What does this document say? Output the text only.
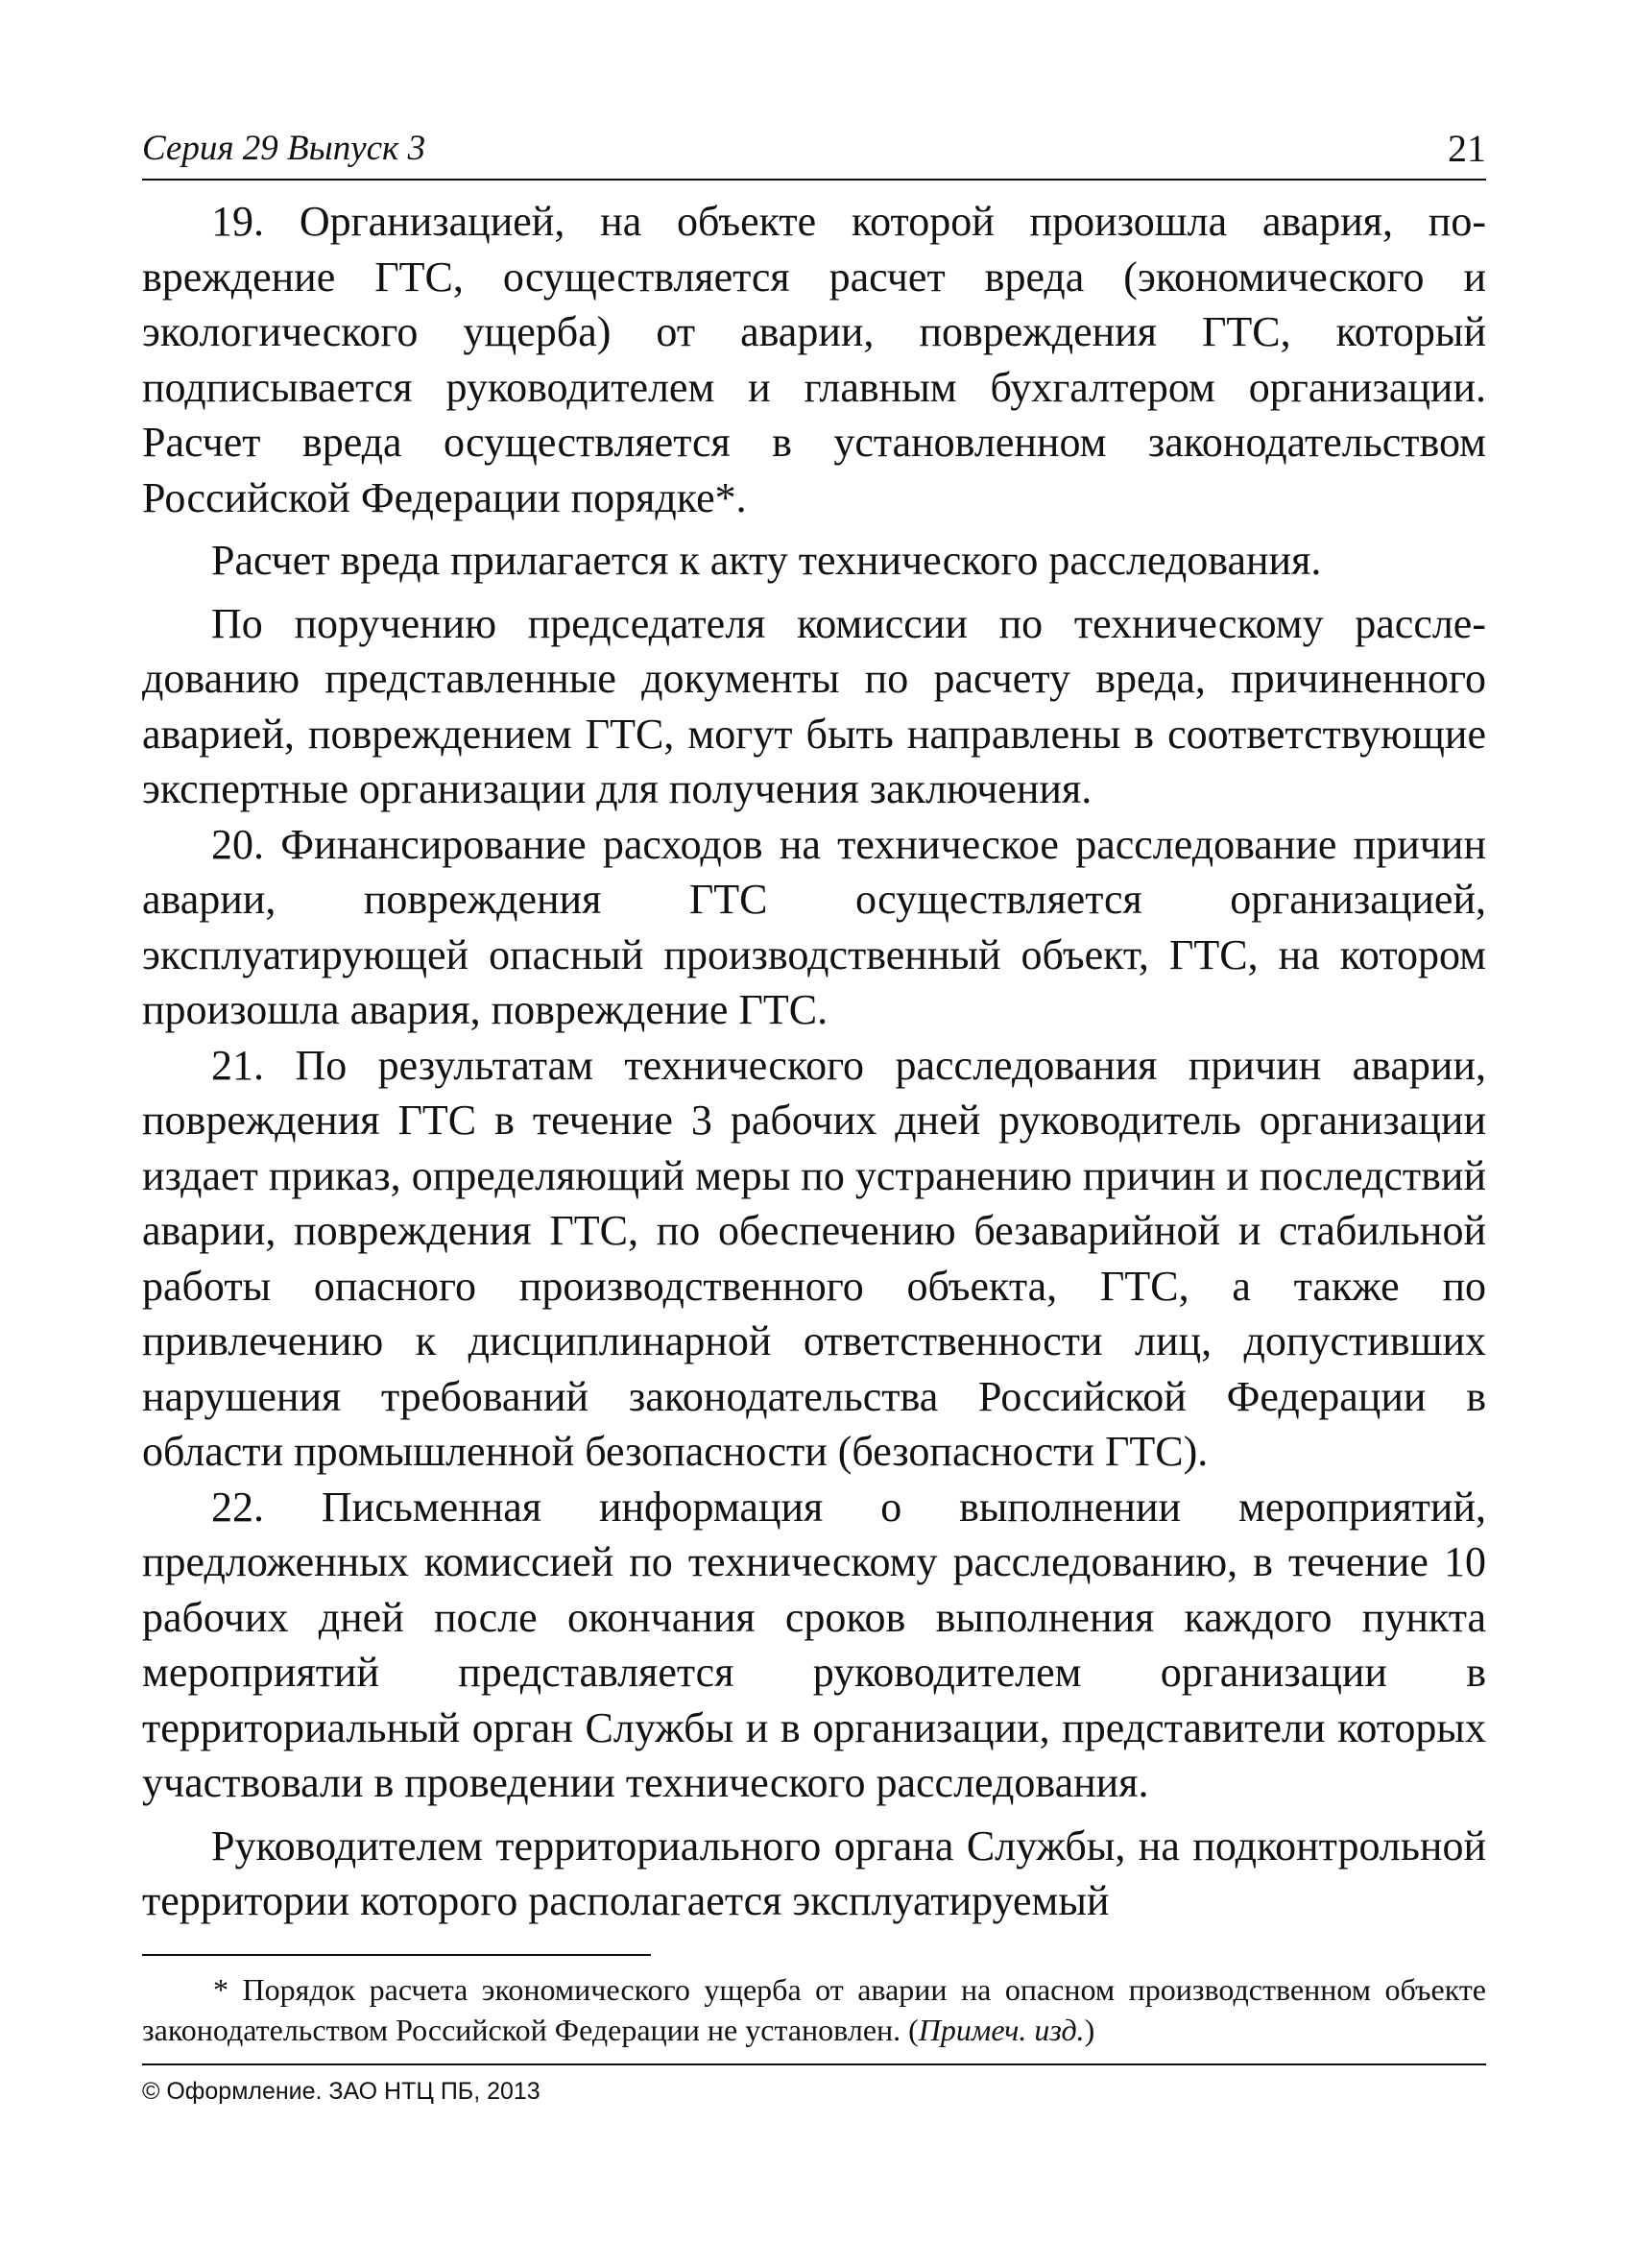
Серия 29 Выпуск 3	21

19. Организацией, на объекте которой произошла авария, повреждение ГТС, осуществляется расчет вреда (экономического и экологического ущерба) от аварии, повреждения ГТС, который подписывается руководителем и главным бухгалтером организации. Расчет вреда осуществляется в установленном законодательством Российской Федерации порядке*.

Расчет вреда прилагается к акту технического расследования.

По поручению председателя комиссии по техническому расследованию представленные документы по расчету вреда, причиненного аварией, повреждением ГТС, могут быть направлены в соответствующие экспертные организации для получения заключения.

20. Финансирование расходов на техническое расследование причин аварии, повреждения ГТС осуществляется организацией, эксплуатирующей опасный производственный объект, ГТС, на котором произошла авария, повреждение ГТС.

21. По результатам технического расследования причин аварии, повреждения ГТС в течение 3 рабочих дней руководитель организации издает приказ, определяющий меры по устранению причин и последствий аварии, повреждения ГТС, по обеспечению безаварийной и стабильной работы опасного производственного объекта, ГТС, а также по привлечению к дисциплинарной ответственности лиц, допустивших нарушения требований законодательства Российской Федерации в области промышленной безопасности (безопасности ГТС).

22. Письменная информация о выполнении мероприятий, предложенных комиссией по техническому расследованию, в течение 10 рабочих дней после окончания сроков выполнения каждого пункта мероприятий представляется руководителем организации в территориальный орган Службы и в организации, представители которых участвовали в проведении технического расследования.

Руководителем территориального органа Службы, на подконтрольной территории которого располагается эксплуатируемый

* Порядок расчета экономического ущерба от аварии на опасном производственном объекте законодательством Российской Федерации не установлен. (Примеч. изд.)

© Оформление. ЗАО НТЦ ПБ, 2013
